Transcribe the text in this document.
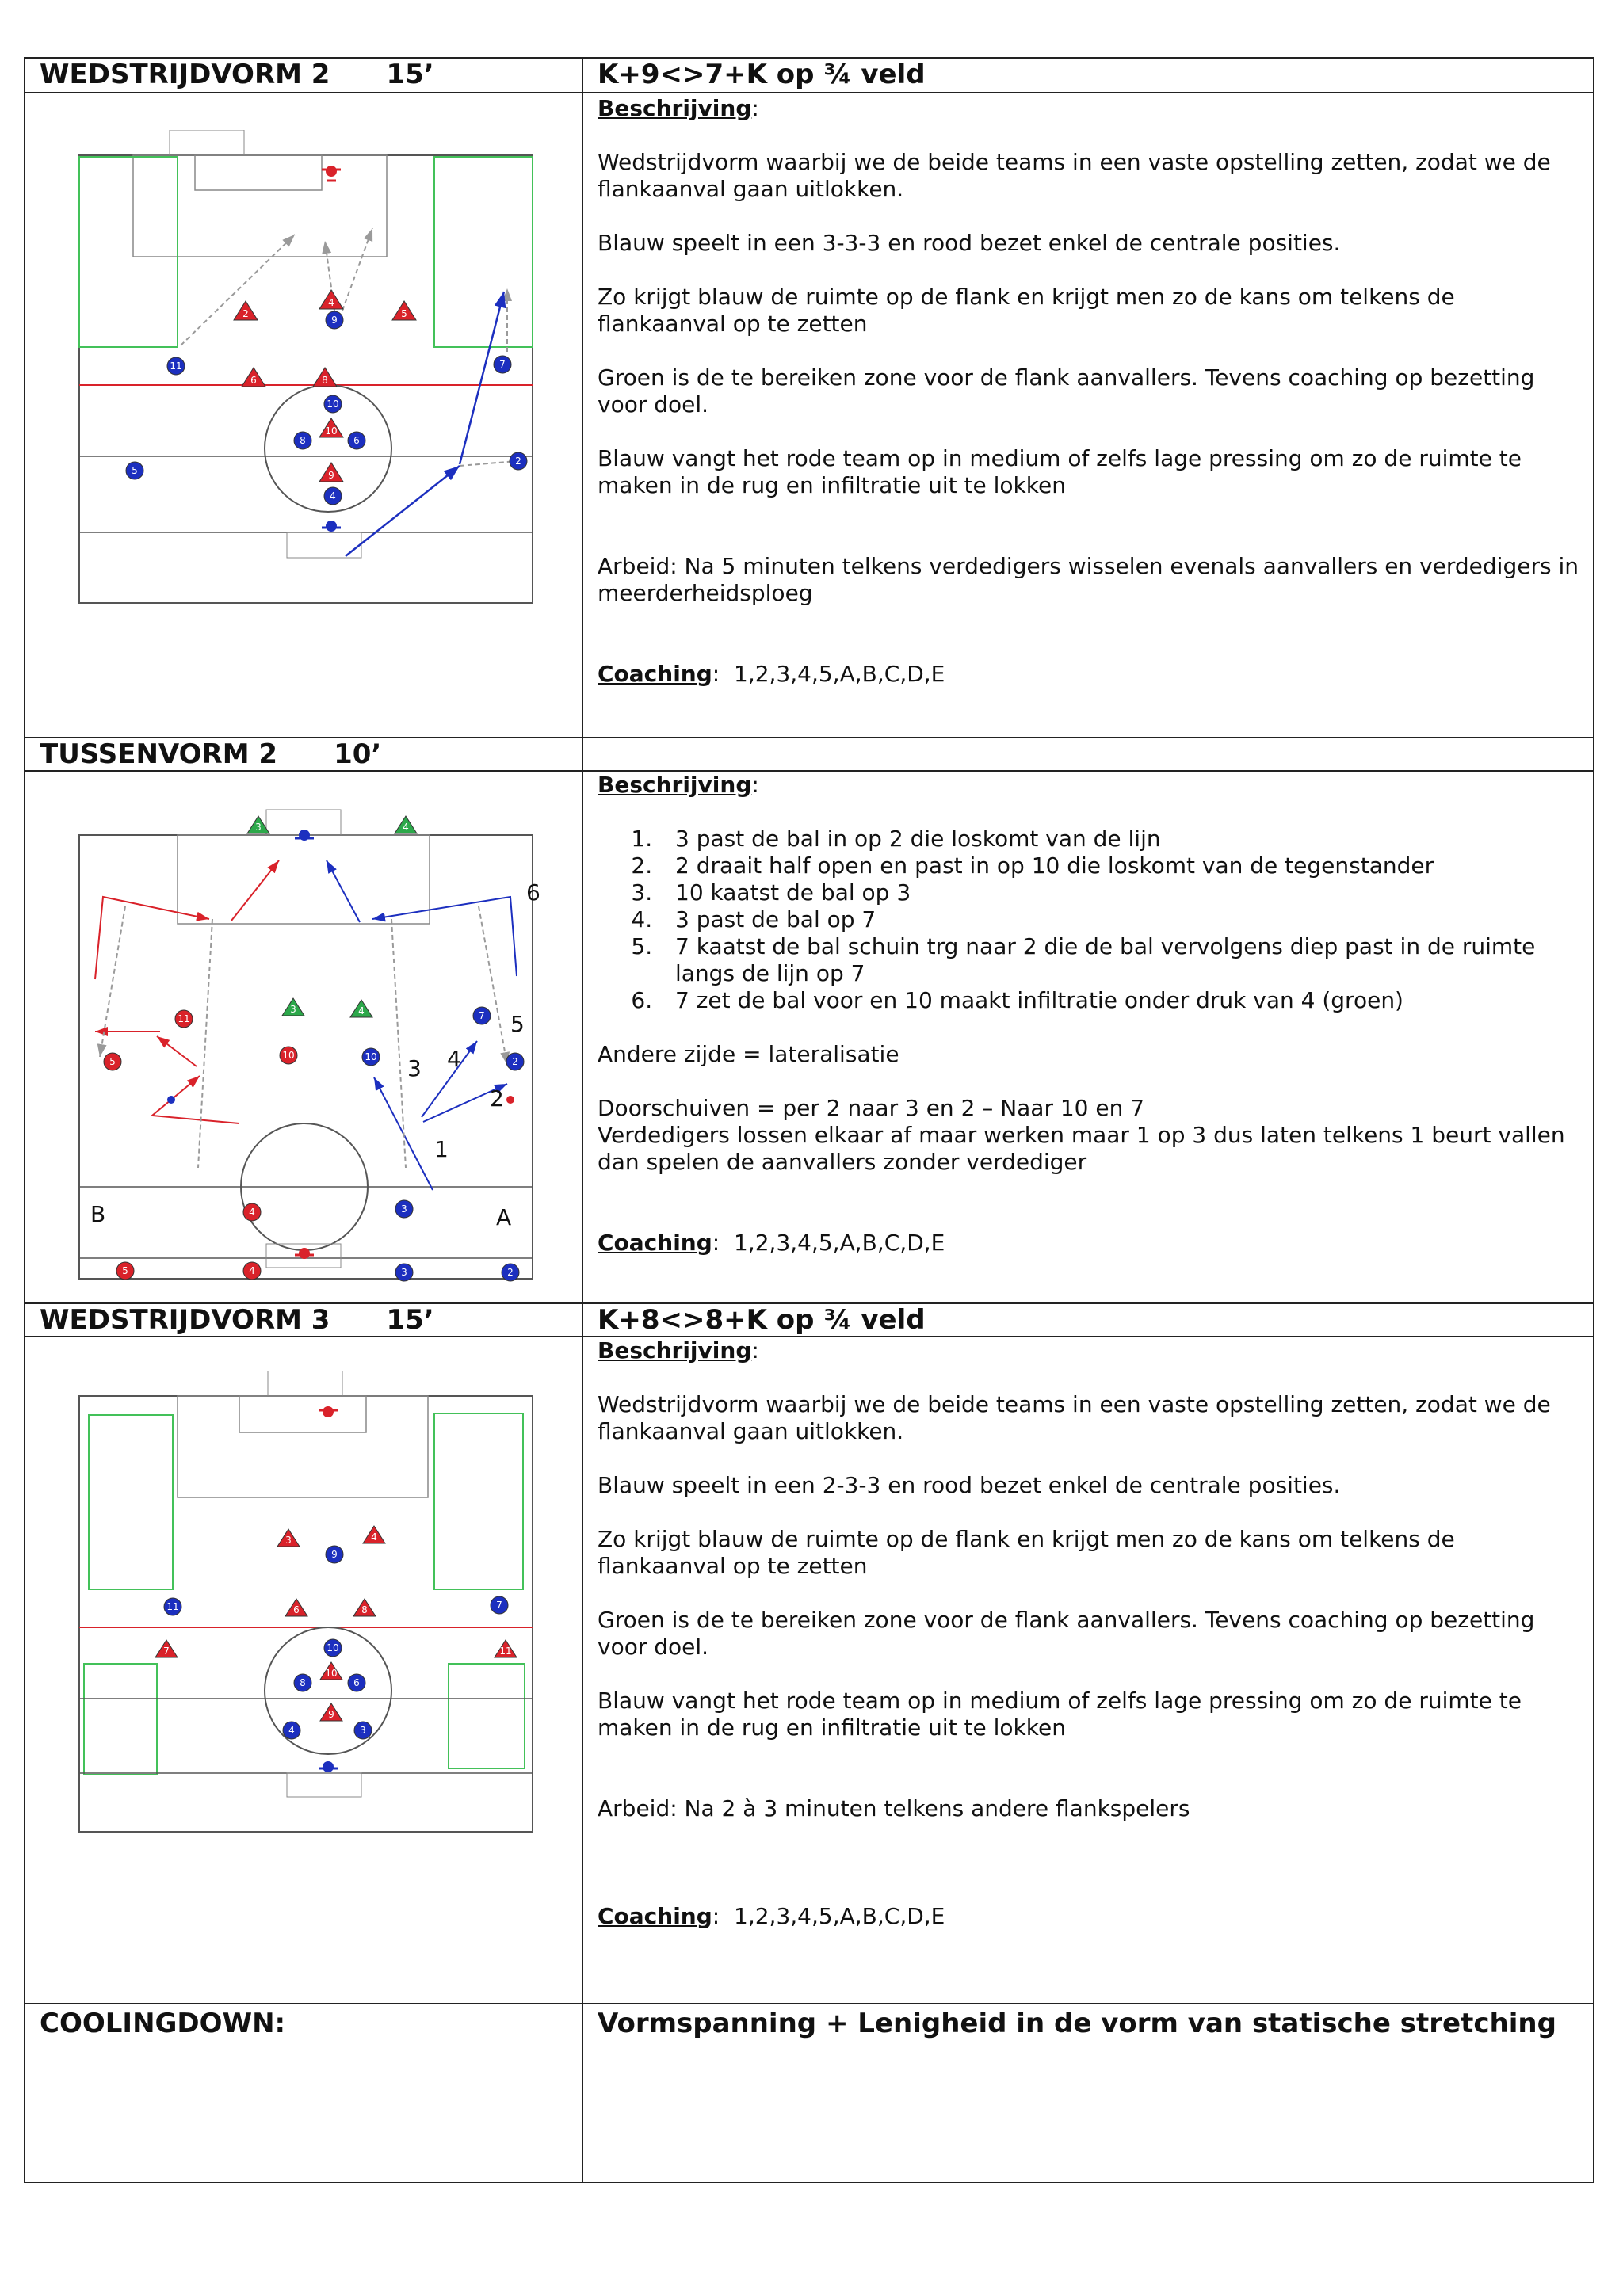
WEDSTRIJDVORM 2      15’	K+9<>7+K op ¾ veld
Beschrijving:
Wedstrijdvorm waarbij we de beide teams in een vaste opstelling zetten, zodat we de flankaanval gaan uitlokken.
Blauw speelt in een 3-3-3 en rood bezet enkel de centrale posities.
Zo krijgt blauw de ruimte op de flank en krijgt men zo de kans om telkens de flankaanval op te zetten
Groen is de te bereiken zone voor de flank aanvallers. Tevens coaching op bezetting voor doel.
Blauw vangt het rode team op in medium of zelfs lage pressing om zo de ruimte te maken in de rug en infiltratie uit te lokken
Arbeid: Na 5 minuten telkens verdedigers wisselen evenals aanvallers en verdedigers in meerderheidsploeg
Coaching:  1,2,3,4,5,A,B,C,D,E
6	8
2	5
4
10
9
11	7
9
10
8	6
4
2
5
TUSSENVORM 2      10’
Beschrijving:
1. 3 past de bal in op 2 die loskomt van de lijn
2. 2 draait half open en past in op 10 die loskomt van de tegenstander
3. 10 kaatst de bal op 3
4. 3 past de bal op 7
5. 7 kaatst de bal schuin trg naar 2 die de bal vervolgens diep past in de ruimte langs de lijn op 7
6. 7 zet de bal voor en 10 maakt infiltratie onder druk van 4 (groen)
Andere zijde = lateralisatie
Doorschuiven = per 2 naar 3 en 2 – Naar 10 en 7
Verdedigers lossen elkaar af maar werken maar 1 op 3 dus laten telkens 1 beurt vallen dan spelen de aanvallers zonder verdediger
Coaching:  1,2,3,4,5,A,B,C,D,E
3	4
3	4
11
10
5
4
5	4
7
10	2
3
3	2
B	A
1
2
3 4
5
6
WEDSTRIJDVORM 3      15’	K+8<>8+K op ¾ veld
Beschrijving:
Wedstrijdvorm waarbij we de beide teams in een vaste opstelling zetten, zodat we de flankaanval gaan uitlokken.
Blauw speelt in een 2-3-3 en rood bezet enkel de centrale posities.
Zo krijgt blauw de ruimte op de flank en krijgt men zo de kans om telkens de flankaanval op te zetten
Groen is de te bereiken zone voor de flank aanvallers. Tevens coaching op bezetting voor doel.
Blauw vangt het rode team op in medium of zelfs lage pressing om zo de ruimte te maken in de rug en infiltratie uit te lokken
Arbeid: Na 2 à 3 minuten telkens andere flankspelers
Coaching:  1,2,3,4,5,A,B,C,D,E
3	4
6	8
7	11
10
9
9
11	7
10
8	6
4	3
COOLINGDOWN:	Vormspanning + Lenigheid in de vorm van statische stretching
